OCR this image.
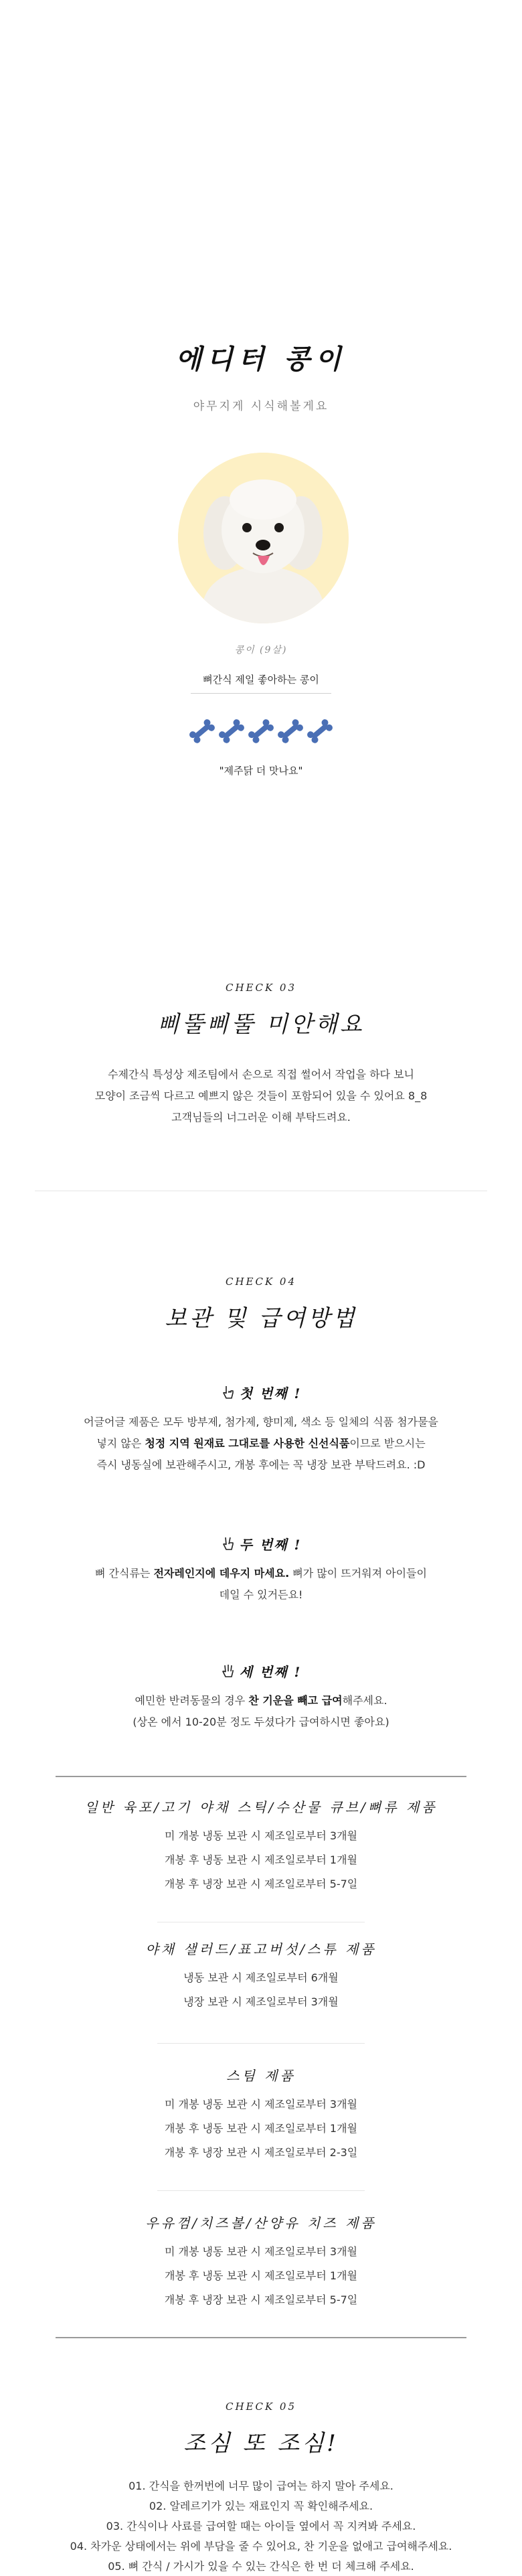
에디터 콩이
야무지게 시식해볼게요
콩이 (9살)
뼈간식 제일 좋아하는 콩이
"제주닭 더 맛나요"
CHECK 03
삐뚤삐뚤 미안해요
수제간식 특성상 제조팀에서 손으로 직접 썰어서 작업을 하다 보니
모양이 조금씩 다르고 예쁘지 않은 것들이 포함되어 있을 수 있어요 8_8
고객님들의 너그러운 이해 부탁드려요.
CHECK 04
보관 및 급여방법
첫 번째 !
어글어글 제품은 모두 방부제, 첨가제, 향미제, 색소 등 일체의 식품 첨가물을
넣지 않은 청정 지역 원재료 그대로를 사용한 신선식품이므로 받으시는
즉시 냉동실에 보관해주시고, 개봉 후에는 꼭 냉장 보관 부탁드려요. :D
두 번째 !
뼈 간식류는 전자레인지에 데우지 마세요. 뼈가 많이 뜨거워져 아이들이
데일 수 있거든요!
세 번째 !
예민한 반려동물의 경우 찬 기운을 빼고 급여해주세요.
(상온 에서 10-20분 정도 두셨다가 급여하시면 좋아요)
일반 육포/고기 야채 스틱/수산물 큐브/뼈류 제품
미 개봉 냉동 보관 시 제조일로부터 3개월
개봉 후 냉동 보관 시 제조일로부터 1개월
개봉 후 냉장 보관 시 제조일로부터 5-7일
야채 샐러드/표고버섯/스튜 제품
냉동 보관 시 제조일로부터 6개월
냉장 보관 시 제조일로부터 3개월
스팀 제품
미 개봉 냉동 보관 시 제조일로부터 3개월
개봉 후 냉동 보관 시 제조일로부터 1개월
개봉 후 냉장 보관 시 제조일로부터 2-3일
우유껌/치즈볼/산양유 치즈 제품
미 개봉 냉동 보관 시 제조일로부터 3개월
개봉 후 냉동 보관 시 제조일로부터 1개월
개봉 후 냉장 보관 시 제조일로부터 5-7일
CHECK 05
조심 또 조심!
01. 간식을 한꺼번에 너무 많이 급여는 하지 말아 주세요.
02. 알레르기가 있는 재료인지 꼭 확인해주세요.
03. 간식이나 사료를 급여할 때는 아이들 옆에서 꼭 지켜봐 주세요.
04. 차가운 상태에서는 위에 부담을 줄 수 있어요, 찬 기운을 없애고 급여해주세요.
05. 뼈 간식 / 가시가 있을 수 있는 간식은 한 번 더 체크해 주세요.
